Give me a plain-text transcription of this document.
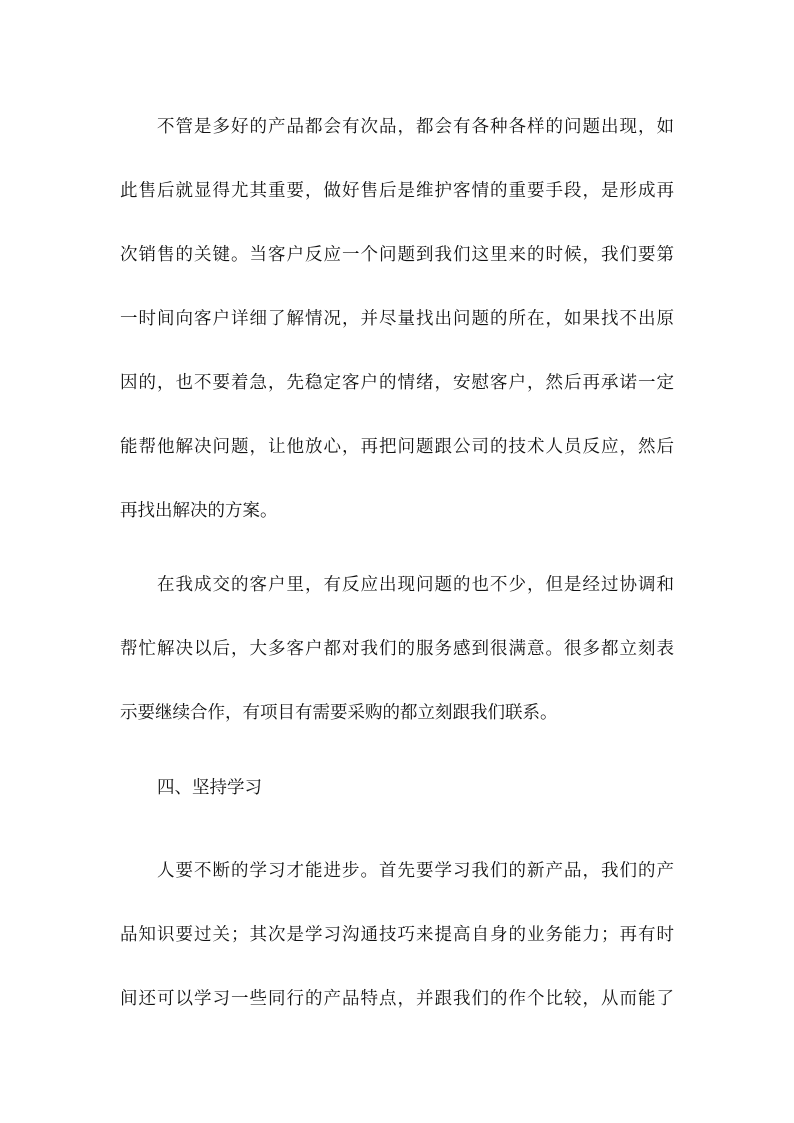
不管是多好的产品都会有次品，都会有各种各样的问题出现，如

此售后就显得尤其重要，做好售后是维护客情的重要手段，是形成再

次销售的关键。当客户反应一个问题到我们这里来的时候，我们要第

一时间向客户详细了解情况，并尽量找出问题的所在，如果找不出原

因的，也不要着急，先稳定客户的情绪，安慰客户，然后再承诺一定

能帮他解决问题，让他放心，再把问题跟公司的技术人员反应，然后

再找出解决的方案。

在我成交的客户里，有反应出现问题的也不少，但是经过协调和

帮忙解决以后，大多客户都对我们的服务感到很满意。很多都立刻表

示要继续合作，有项目有需要采购的都立刻跟我们联系。

四、坚持学习

人要不断的学习才能进步。首先要学习我们的新产品，我们的产

品知识要过关；其次是学习沟通技巧来提高自身的业务能力；再有时

间还可以学习一些同行的产品特点，并跟我们的作个比较，从而能了
